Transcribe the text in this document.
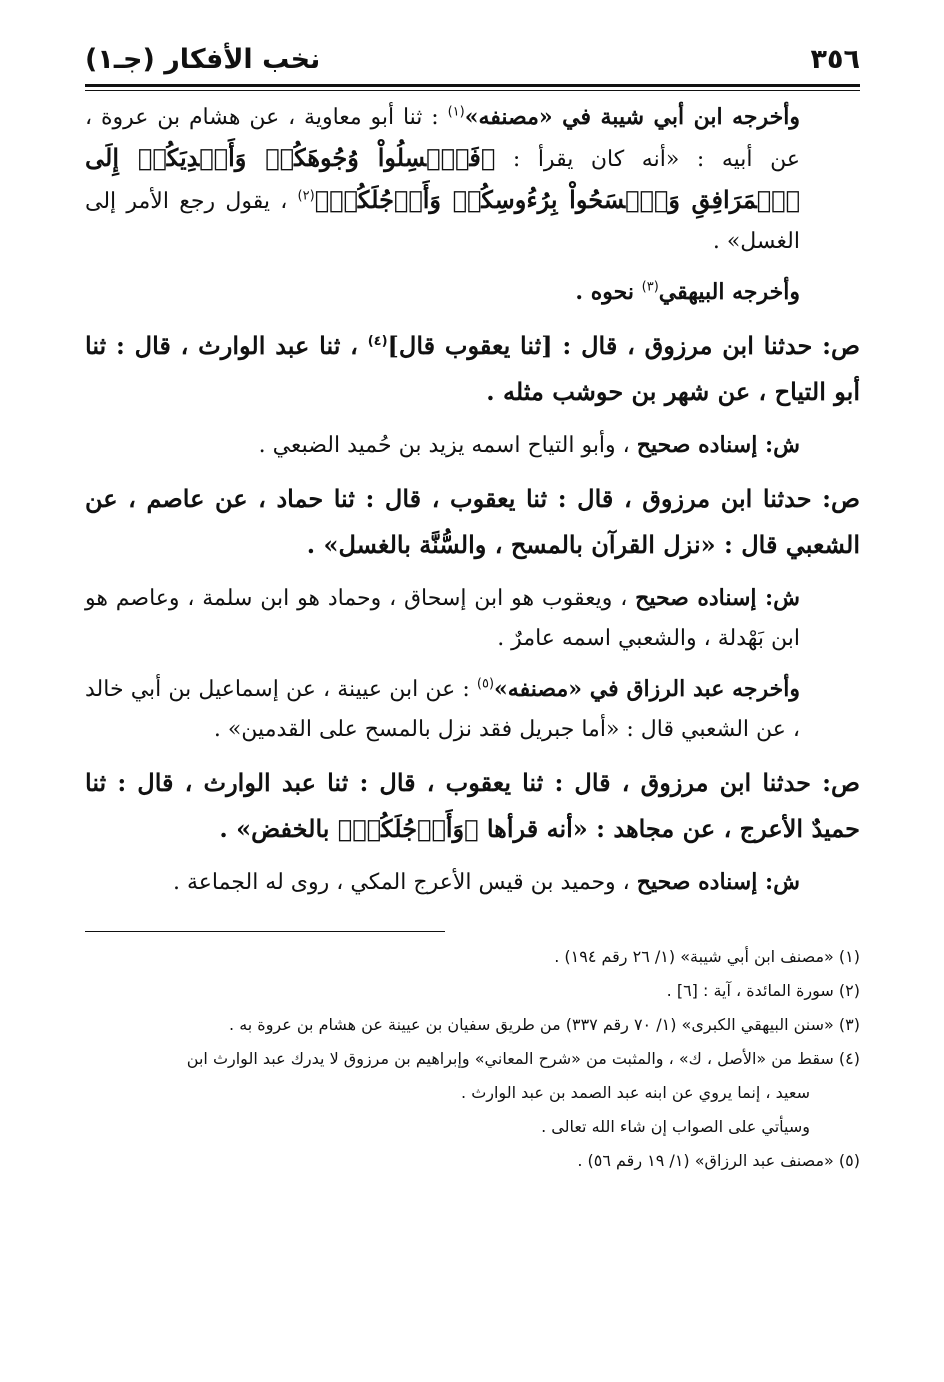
٣٥٦
نخب الأفكار (جـ١)

وأخرجه ابن أبي شيبة في «مصنفه»$^{(١)}$ : ثنا أبو معاوية ، عن هشام بن عروة ، عن أبيه : «أنه كان يقرأ : ﴿فَٱغۡسِلُواْ وُجُوهَكُمۡ وَأَيۡدِيَكُمۡ إِلَى ٱلۡمَرَافِقِ وَٱمۡسَحُواْ بِرُءُوسِكُمۡ وَأَرۡجُلَكُمۡ﴾$^{(٢)}$ ، يقول رجع الأمر إلى الغسل» .

وأخرجه البيهقي$^{(٣)}$ نحوه .

ص: حدثنا ابن مرزوق ، قال : [ثنا يعقوب قال]$^{(٤)}$ ، ثنا عبد الوارث ، قال : ثنا أبو التياح ، عن شهر بن حوشب مثله .

ش: إسناده صحيح ، وأبو التياح اسمه يزيد بن حُميد الضبعي .

ص: حدثنا ابن مرزوق ، قال : ثنا يعقوب ، قال : ثنا حماد ، عن عاصم ، عن الشعبي قال : «نزل القرآن بالمسح ، والسُّنَّة بالغسل» .

ش: إسناده صحيح ، ويعقوب هو ابن إسحاق ، وحماد هو ابن سلمة ، وعاصم هو ابن بَهْدلة ، والشعبي اسمه عامرٌ .

وأخرجه عبد الرزاق في «مصنفه»$^{(٥)}$ : عن ابن عيينة ، عن إسماعيل بن أبي خالد ، عن الشعبي قال : «أما جبريل فقد نزل بالمسح على القدمين» .

ص: حدثنا ابن مرزوق ، قال : ثنا يعقوب ، قال : ثنا عبد الوارث ، قال : ثنا حميدٌ الأعرج ، عن مجاهد : «أنه قرأها ﴿وَأَرۡجُلَكُمۡ﴾ بالخفض» .

ش: إسناده صحيح ، وحميد بن قيس الأعرج المكي ، روى له الجماعة .

(١) «مصنف ابن أبي شيبة» (١/ ٢٦ رقم ١٩٤) .

(٢) سورة المائدة ، آية : [٦] .

(٣) «سنن البيهقي الكبرى» (١/ ٧٠ رقم ٣٣٧) من طريق سفيان بن عيينة عن هشام بن عروة به .

(٤) سقط من «الأصل ، ك» ، والمثبت من «شرح المعاني» وإبراهيم بن مرزوق لا يدرك عبد الوارث ابن

سعيد ، إنما يروي عن ابنه عبد الصمد بن عبد الوارث .

وسيأتي على الصواب إن شاء الله تعالى .

(٥) «مصنف عبد الرزاق» (١/ ١٩ رقم ٥٦) .
